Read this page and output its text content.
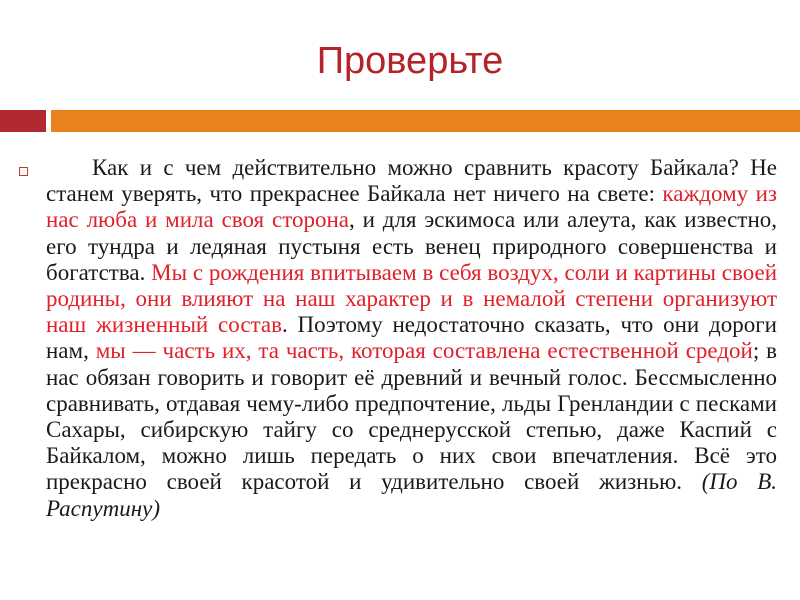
Проверьте

Как и с чем действительно можно сравнить красоту Байкала? Не станем уверять, что прекраснее Байкала нет ничего на свете: каждому из нас люба и мила своя сторона, и для эскимоса или алеута, как известно, его тундра и ледяная пустыня есть венец природного совершенства и богатства. Мы с рождения впитываем в себя воздух, соли и картины своей родины, они влияют на наш характер и в немалой степени организуют наш жизненный состав. Поэтому недостаточно сказать, что они дороги нам, мы — часть их, та часть, которая составлена естественной средой; в нас обязан говорить и говорит её древний и вечный голос. Бессмысленно сравнивать, отдавая чему-либо предпочтение, льды Гренландии с песками Сахары, сибирскую тайгу со среднерусской степью, даже Каспий с Байкалом, можно лишь передать о них свои впечатления. Всё это прекрасно своей красотой и удивительно своей жизнью. (По В. Распутину)
